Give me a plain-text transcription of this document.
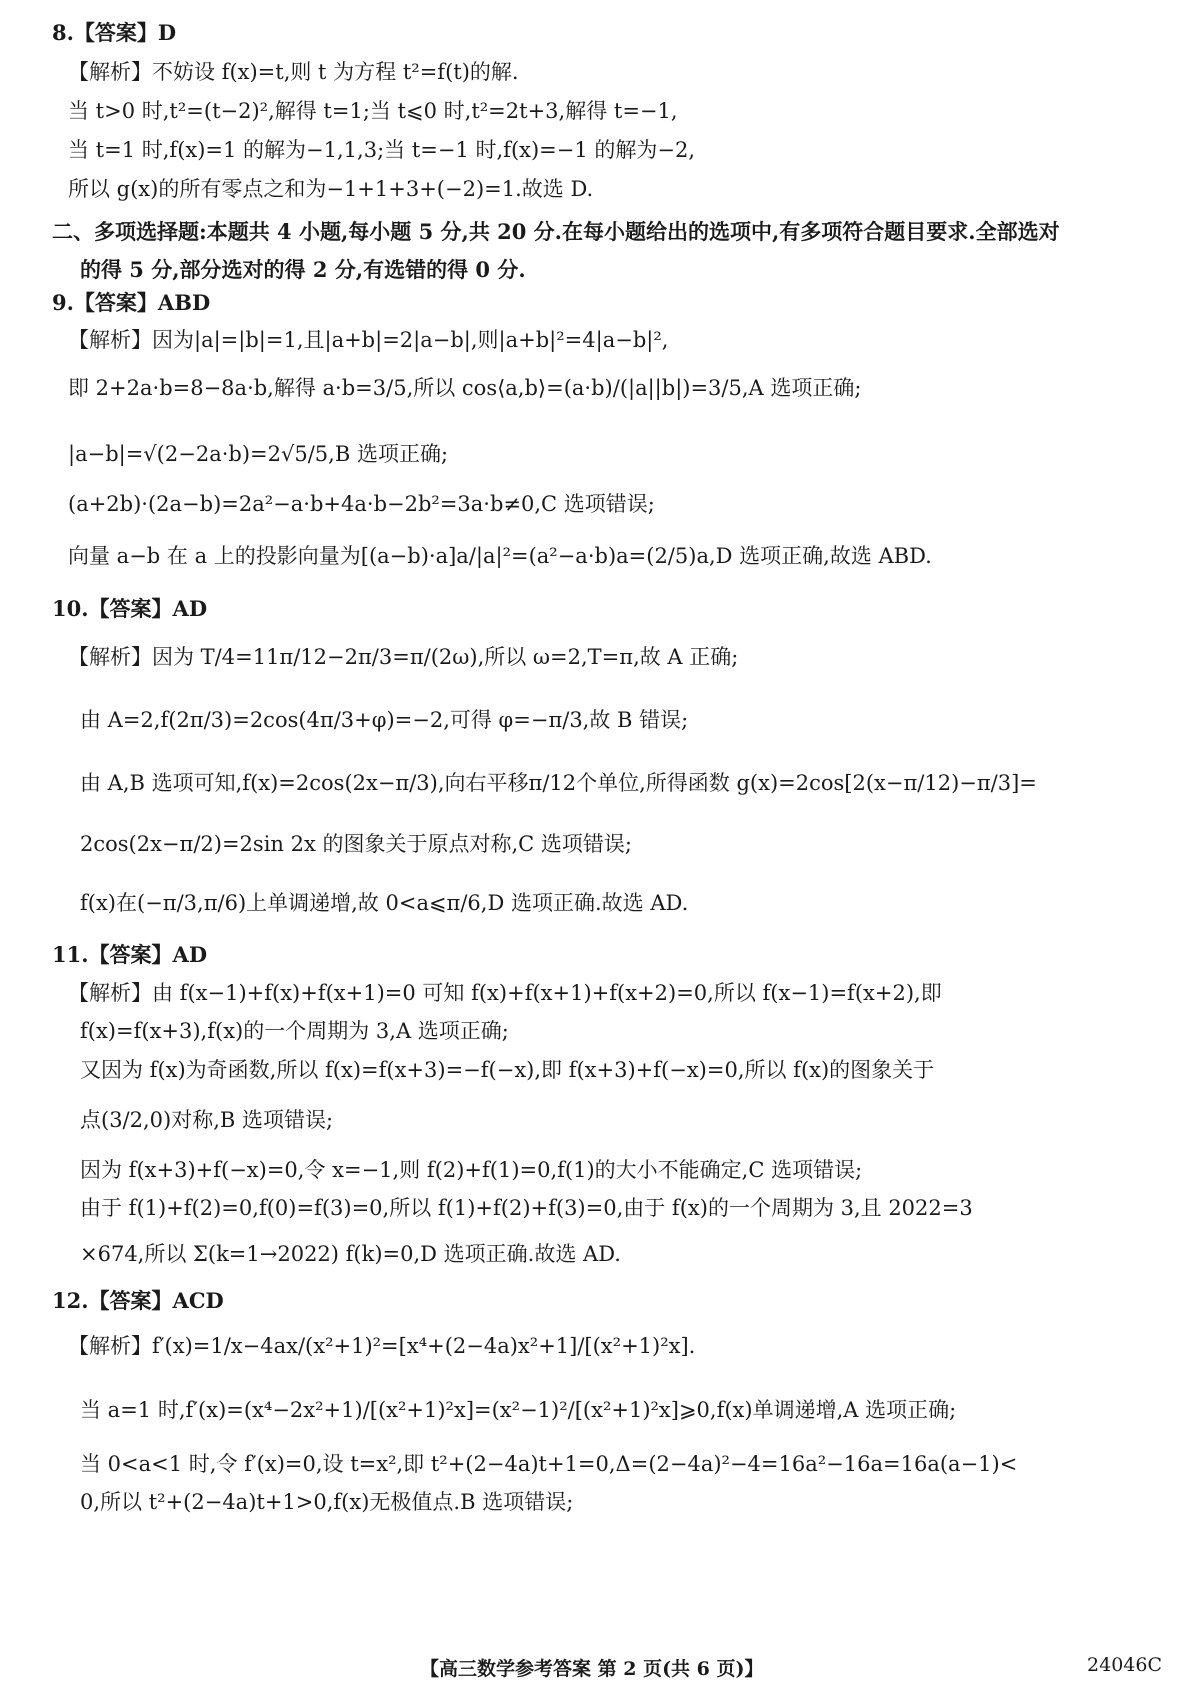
8.【答案】D
【解析】不妨设 f(x)=t,则 t 为方程 t²=f(t)的解.
当 t>0 时,t²=(t−2)²,解得 t=1;当 t⩽0 时,t²=2t+3,解得 t=−1,
当 t=1 时,f(x)=1 的解为−1,1,3;当 t=−1 时,f(x)=−1 的解为−2,
所以 g(x)的所有零点之和为−1+1+3+(−2)=1.故选 D.
二、多项选择题:本题共 4 小题,每小题 5 分,共 20 分.在每小题给出的选项中,有多项符合题目要求.全部选对
的得 5 分,部分选对的得 2 分,有选错的得 0 分.
9.【答案】ABD
【解析】因为|a|=|b|=1,且|a+b|=2|a−b|,则|a+b|²=4|a−b|²,
即 2+2a·b=8−8a·b,解得 a·b=3/5,所以 cos⟨a,b⟩=(a·b)/(|a||b|)=3/5,A 选项正确;
|a−b|=√(2−2a·b)=2√5/5,B 选项正确;
(a+2b)·(2a−b)=2a²−a·b+4a·b−2b²=3a·b≠0,C 选项错误;
向量 a−b 在 a 上的投影向量为[(a−b)·a]a/|a|²=(a²−a·b)a=(2/5)a,D 选项正确,故选 ABD.
10.【答案】AD
【解析】因为 T/4=11π/12−2π/3=π/(2ω),所以 ω=2,T=π,故 A 正确;
由 A=2,f(2π/3)=2cos(4π/3+φ)=−2,可得 φ=−π/3,故 B 错误;
由 A,B 选项可知,f(x)=2cos(2x−π/3),向右平移π/12个单位,所得函数 g(x)=2cos[2(x−π/12)−π/3]=
2cos(2x−π/2)=2sin 2x 的图象关于原点对称,C 选项错误;
f(x)在(−π/3,π/6)上单调递增,故 0<a⩽π/6,D 选项正确.故选 AD.
11.【答案】AD
【解析】由 f(x−1)+f(x)+f(x+1)=0 可知 f(x)+f(x+1)+f(x+2)=0,所以 f(x−1)=f(x+2),即
f(x)=f(x+3),f(x)的一个周期为 3,A 选项正确;
又因为 f(x)为奇函数,所以 f(x)=f(x+3)=−f(−x),即 f(x+3)+f(−x)=0,所以 f(x)的图象关于
点(3/2,0)对称,B 选项错误;
因为 f(x+3)+f(−x)=0,令 x=−1,则 f(2)+f(1)=0,f(1)的大小不能确定,C 选项错误;
由于 f(1)+f(2)=0,f(0)=f(3)=0,所以 f(1)+f(2)+f(3)=0,由于 f(x)的一个周期为 3,且 2022=3
×674,所以 Σ(k=1→2022) f(k)=0,D 选项正确.故选 AD.
12.【答案】ACD
【解析】f′(x)=1/x−4ax/(x²+1)²=[x⁴+(2−4a)x²+1]/[(x²+1)²x].
当 a=1 时,f′(x)=(x⁴−2x²+1)/[(x²+1)²x]=(x²−1)²/[(x²+1)²x]⩾0,f(x)单调递增,A 选项正确;
当 0<a<1 时,令 f′(x)=0,设 t=x²,即 t²+(2−4a)t+1=0,Δ=(2−4a)²−4=16a²−16a=16a(a−1)<
0,所以 t²+(2−4a)t+1>0,f(x)无极值点.B 选项错误;
【高三数学参考答案 第 2 页(共 6 页)】	24046C
